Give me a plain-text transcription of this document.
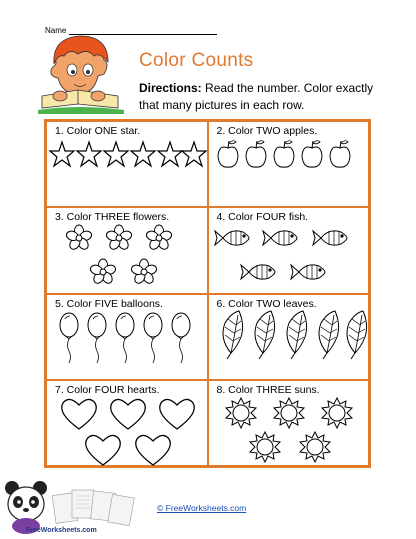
Name
Color Counts
Directions: Read the number. Color exactly that many pictures in each row.
1. Color ONE star.	2. Color TWO apples.
3. Color THREE flowers.	4. Color FOUR fish.
5. Color FIVE balloons.	6. Color TWO leaves.
7. Color FOUR hearts.	8. Color THREE suns.
FreeWorksheets.com
© FreeWorksheets.com
